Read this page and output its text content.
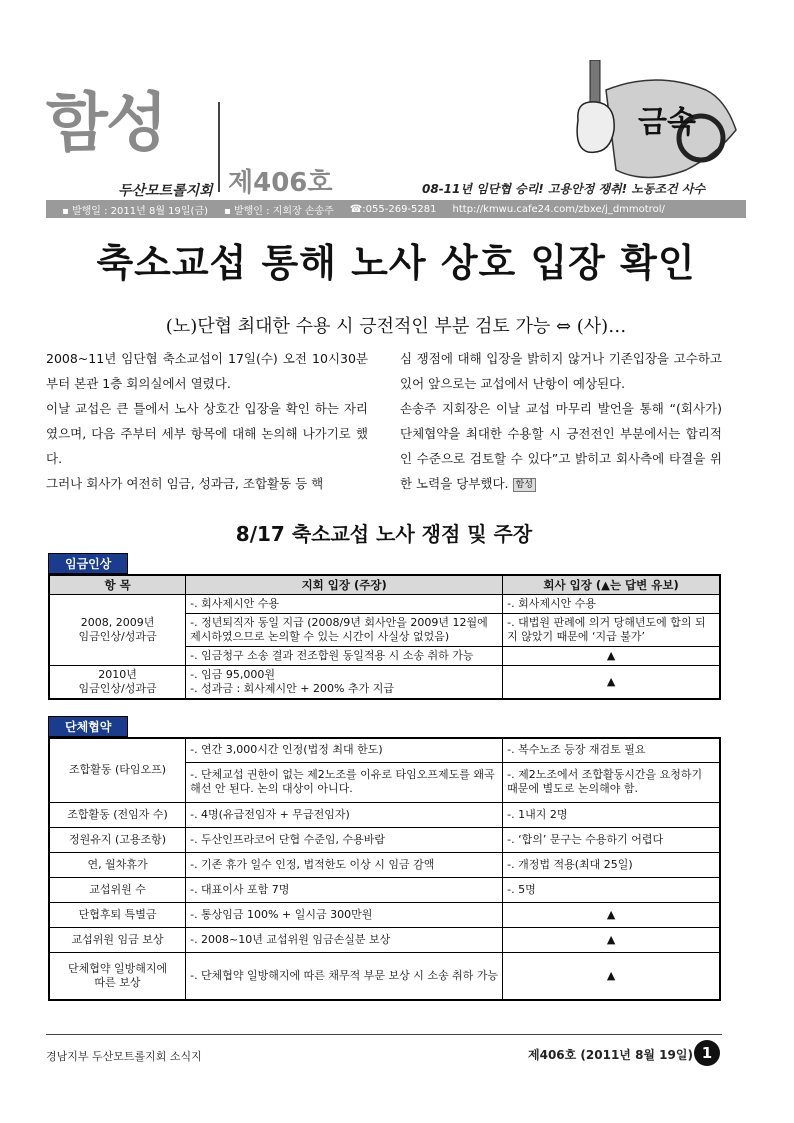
함성
두산모트롤지회 제406호	08-11년 임단협 승리! 고용안정 쟁취! 노동조건 사수
금속
▪ 발행일 : 2011년 8월 19일(금)	▪ 발행인 : 지회장 손송주 ☎:055-269-5281 http://kmwu.cafe24.com/zbxe/j_dmmotrol/
축소교섭 통해 노사 상호 입장 확인
(노)단협 최대한 수용 시 긍전적인 부분 검토 가능 ⇔ (사)…

2008~11년 임단협 축소교섭이 17일(수) 오전 10시30분부터 본관 1층 회의실에서 열렸다.

이날 교섭은 큰 틀에서 노사 상호간 입장을 확인 하는 자리였으며, 다음 주부터 세부 항목에 대해 논의해 나가기로 했다.

그러나 회사가 여전히 임금, 성과금, 조합활동 등 핵

심 쟁점에 대해 입장을 밝히지 않거나 기존입장을 고수하고 있어 앞으로는 교섭에서 난항이 예상된다.

손송주 지회장은 이날 교섭 마무리 발언을 통해 “(회사가) 단체협약을 최대한 수용할 시 긍전전인 부분에서는 합리적인 수준으로 검토할 수 있다”고 밝히고 회사측에 타결을 위한 노력을 당부했다. 함성

8/17 축소교섭 노사 쟁점 및 주장
임금인상
항 목	지회 입장 (주장)	회사 입장 (▲는 답변 유보)
2008, 2009년
임금인상/성과금	-. 회사제시안 수용	-. 회사제시안 수용
	-. 정년퇴직자 동일 지급 (2008/9년 회사안을 2009년 12월에 제시하였으므로 논의할 수 있는 시간이 사실상 없었음)	-. 대법원 판례에 의거 당해년도에 합의 되지 않았기 때문에 ‘지급 불가’
	-. 임금청구 소송 결과 전조합원 동일적용 시 소송 취하 가능	▲
2010년
임금인상/성과금	-. 임금 95,000원
-. 성과금 : 회사제시안 + 200% 추가 지급	▲
단체협약
조합활동 (타임오프)	-. 연간 3,000시간 인정(법정 최대 한도)	-. 복수노조 등장 재검토 필요
	-. 단체교섭 권한이 없는 제2노조를 이유로 타임오프제도를 왜곡해선 안 된다. 논의 대상이 아니다.	-. 제2노조에서 조합활동시간을 요청하기 때문에 별도로 논의해야 함.
조합활동 (전임자 수)	-. 4명(유급전임자 + 무급전임자)	-. 1내지 2명
정원유지 (고용조항)	-. 두산인프라코어 단협 수준임, 수용바람	-. ‘합의’ 문구는 수용하기 어렵다
연, 월차휴가	-. 기존 휴가 일수 인정, 법적한도 이상 시 임금 감액	-. 개정법 적용(최대 25일)
교섭위원 수	-. 대표이사 포함 7명	-. 5명
단협후퇴 특별금	-. 통상임금 100% + 일시금 300만원	▲
교섭위원 임금 보상	-. 2008~10년 교섭위원 임금손실분 보상	▲
단체협약 일방해지에
따른 보상	-. 단체협약 일방해지에 따른 채무적 부문 보상 시 소송 취하 가능	▲
경남지부 두산모트롤지회 소식지	제406호 (2011년 8월 19일) 1
